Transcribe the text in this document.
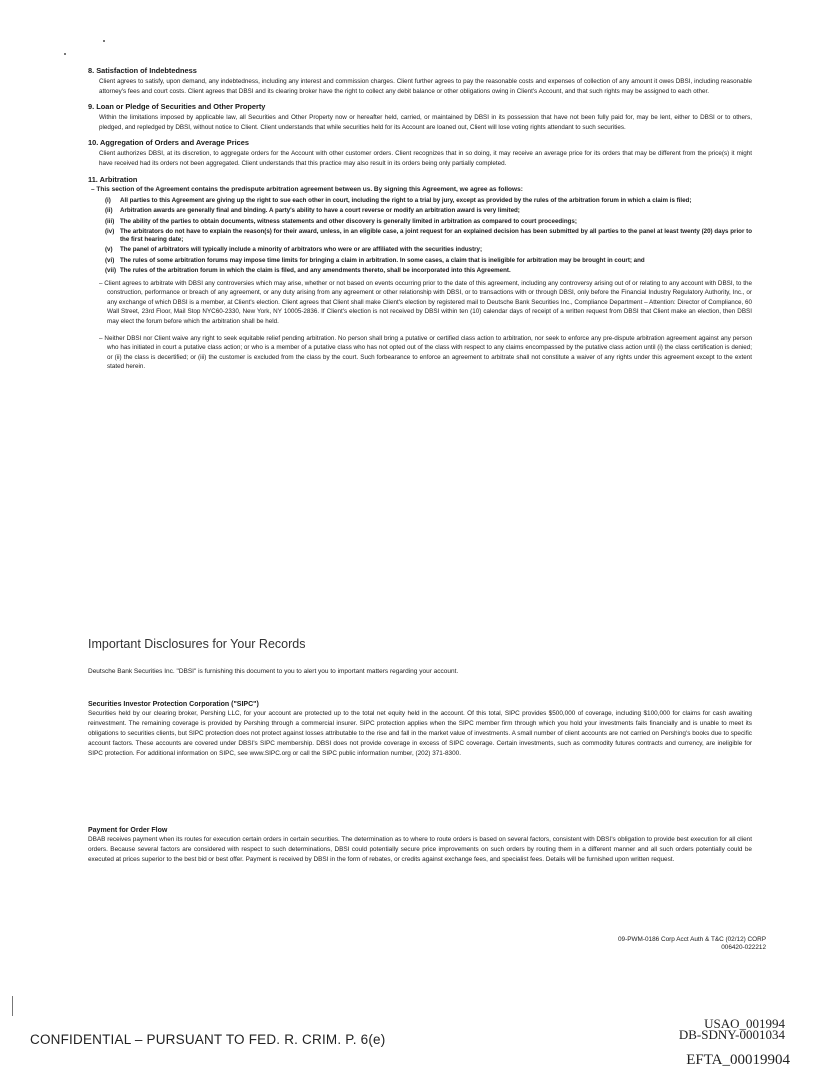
8. Satisfaction of Indebtedness

Client agrees to satisfy, upon demand, any indebtedness, including any interest and commission charges. Client further agrees to pay the reasonable costs and expenses of collection of any amount it owes DBSI, including reasonable attorney's fees and court costs. Client agrees that DBSI and its clearing broker have the right to collect any debit balance or other obligations owing in Client's Account, and that such rights may be assigned to each other.

9. Loan or Pledge of Securities and Other Property

Within the limitations imposed by applicable law, all Securities and Other Property now or hereafter held, carried, or maintained by DBSI in its possession that have not been fully paid for, may be lent, either to DBSI or to others, pledged, and repledged by DBSI, without notice to Client. Client understands that while securities held for its Account are loaned out, Client will lose voting rights attendant to such securities.

10. Aggregation of Orders and Average Prices

Client authorizes DBSI, at its discretion, to aggregate orders for the Account with other customer orders. Client recognizes that in so doing, it may receive an average price for its orders that may be different from the price(s) it might have received had its orders not been aggregated. Client understands that this practice may also result in its orders being only partially completed.

11. Arbitration

– This section of the Agreement contains the predispute arbitration agreement between us. By signing this Agreement, we agree as follows:

(i)	All parties to this Agreement are giving up the right to sue each other in court, including the right to a trial by jury, except as provided by the rules of the arbitration forum in which a claim is filed;
(ii)	Arbitration awards are generally final and binding. A party's ability to have a court reverse or modify an arbitration award is very limited;
(iii) The ability of the parties to obtain documents, witness statements and other discovery is generally limited in arbitration as compared to court proceedings;
(iv) The arbitrators do not have to explain the reason(s) for their award, unless, in an eligible case, a joint request for an explained decision has been submitted by all parties to the panel at least twenty (20) days prior to the first hearing date;
(v)	The panel of arbitrators will typically include a minority of arbitrators who were or are affiliated with the securities industry;
(vi) The rules of some arbitration forums may impose time limits for bringing a claim in arbitration. In some cases, a claim that is ineligible for arbitration may be brought in court; and
(vii) The rules of the arbitration forum in which the claim is filed, and any amendments thereto, shall be incorporated into this Agreement.

– Client agrees to arbitrate with DBSI any controversies which may arise, whether or not based on events occurring prior to the date of this agreement, including any controversy arising out of or relating to any account with DBSI, to the construction, performance or breach of any agreement, or any duty arising from any agreement or other relationship with DBSI, or to transactions with or through DBSI, only before the Financial Industry Regulatory Authority, Inc., or any exchange of which DBSI is a member, at Client's election. Client agrees that Client shall make Client's election by registered mail to Deutsche Bank Securities Inc., Compliance Department – Attention: Director of Compliance, 60 Wall Street, 23rd Floor, Mail Stop NYC60-2330, New York, NY 10005-2836. If Client's election is not received by DBSI within ten (10) calendar days of receipt of a written request from DBSI that Client make an election, then DBSI may elect the forum before which the arbitration shall be held.

– Neither DBSI nor Client waive any right to seek equitable relief pending arbitration. No person shall bring a putative or certified class action to arbitration, nor seek to enforce any pre-dispute arbitration agreement against any person who has initiated in court a putative class action; or who is a member of a putative class who has not opted out of the class with respect to any claims encompassed by the putative class action until (i) the class certification is denied; or (ii) the class is decertified; or (iii) the customer is excluded from the class by the court. Such forbearance to enforce an agreement to arbitrate shall not constitute a waiver of any rights under this agreement except to the extent stated herein.

Important Disclosures for Your Records
Deutsche Bank Securities Inc. "DBSI" is furnishing this document to you to alert you to important matters regarding your account.

Securities Investor Protection Corporation ("SIPC")

Securities held by our clearing broker, Pershing LLC, for your account are protected up to the total net equity held in the account. Of this total, SIPC provides $500,000 of coverage, including $100,000 for claims for cash awaiting reinvestment. The remaining coverage is provided by Pershing through a commercial insurer. SIPC protection applies when the SIPC member firm through which you hold your investments fails financially and is unable to meet its obligations to securities clients, but SIPC protection does not protect against losses attributable to the rise and fall in the market value of investments. A small number of client accounts are not carried on Pershing's books due to specific account factors. These accounts are covered under DBSI's SIPC membership. DBSI does not provide coverage in excess of SIPC coverage. Certain investments, such as commodity futures contracts and currency, are ineligible for SIPC protection. For additional information on SIPC, see www.SIPC.org or call the SIPC public information number, (202) 371-8300.

Payment for Order Flow

DBAB receives payment when its routes for execution certain orders in certain securities. The determination as to where to route orders is based on several factors, consistent with DBSI's obligation to provide best execution for all client orders. Because several factors are considered with respect to such determinations, DBSI could potentially secure price improvements on such orders by routing them in a different manner and all such orders potentially could be executed at prices superior to the best bid or best offer. Payment is received by DBSI in the form of rebates, or credits against exchange fees, and specialist fees. Details will be furnished upon written request.

09-PWM-0186 Corp Acct Auth & T&C (02/12) CORP
006420-022212
CONFIDENTIAL – PURSUANT TO FED. R. CRIM. P. 6(e)
USAO_001994
DB-SDNY-0001034
EFTA_00019904
